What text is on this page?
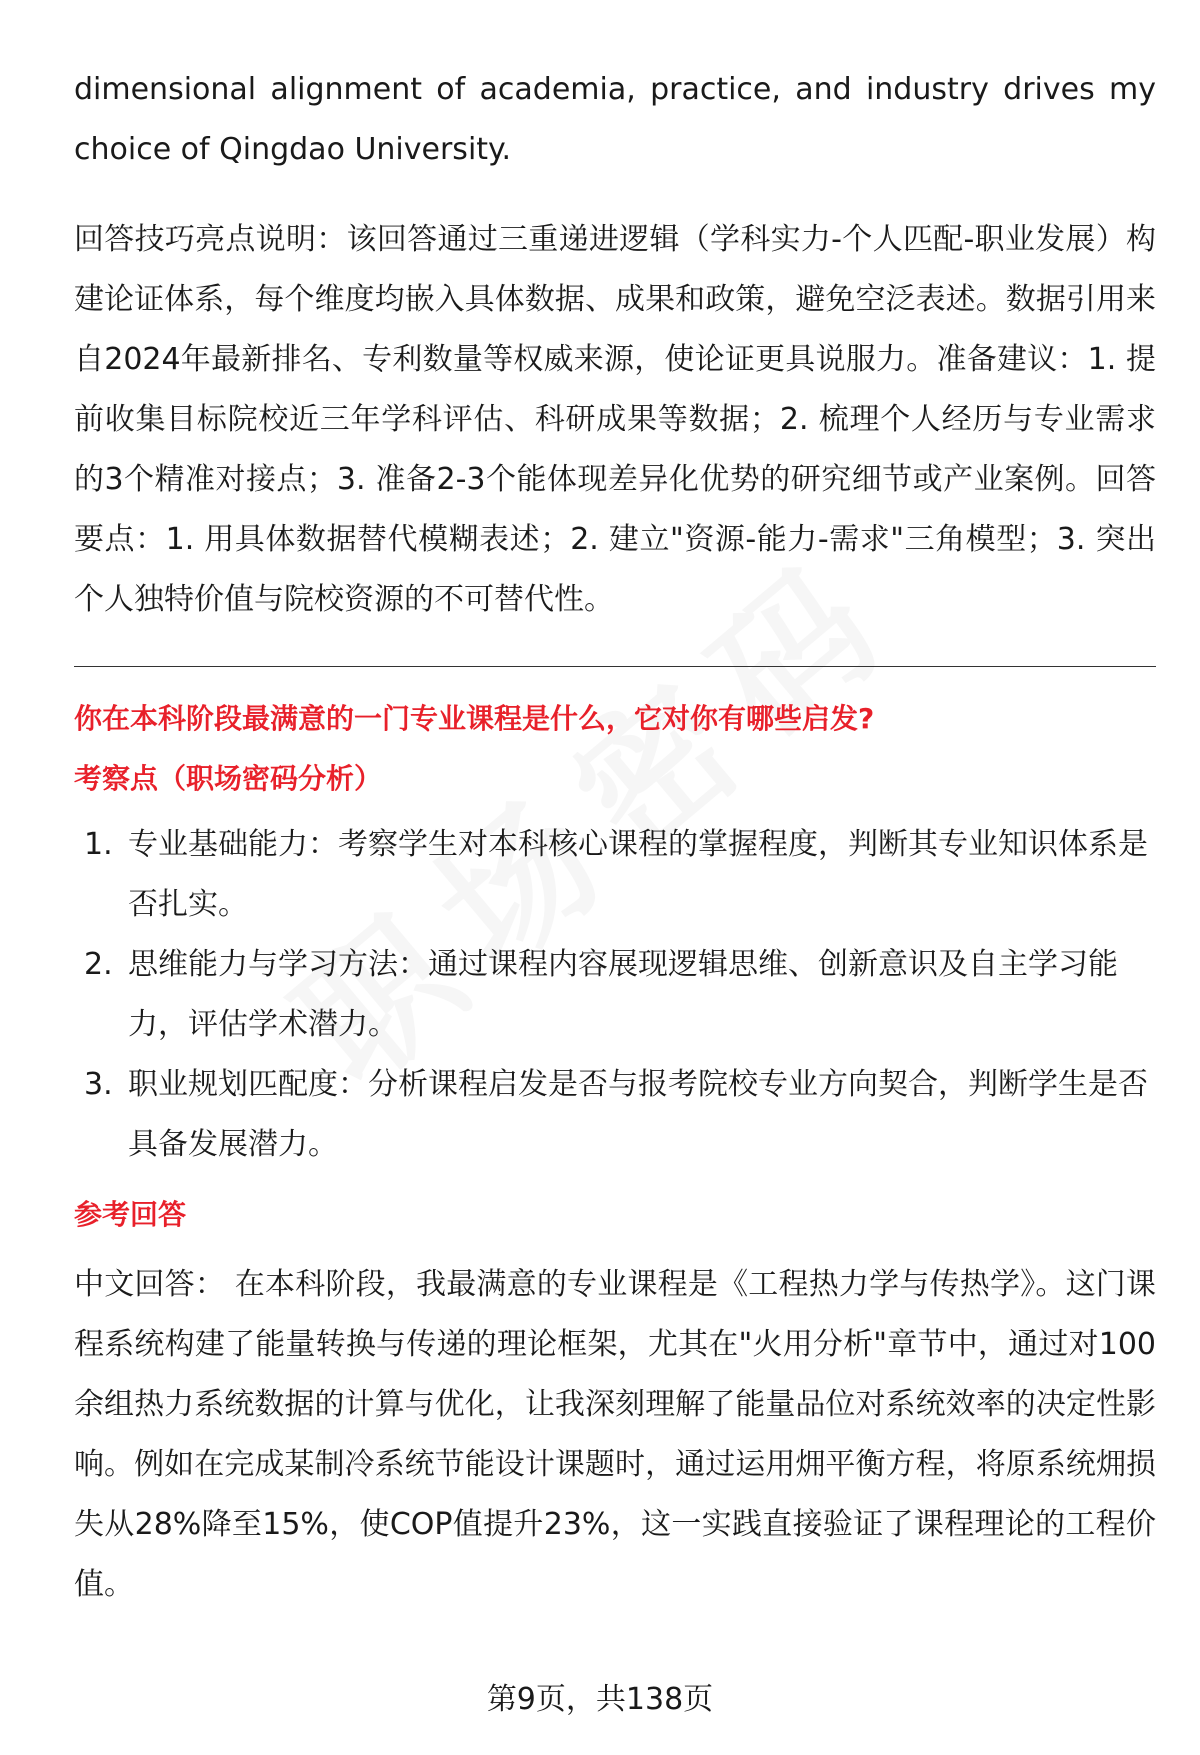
dimensional alignment of academia, practice, and industry drives my choice of Qingdao University.

回答技巧亮点说明：该回答通过三重递进逻辑（学科实力-个人匹配-职业发展）构建论证体系，每个维度均嵌入具体数据、成果和政策，避免空泛表述。数据引用来自2024年最新排名、专利数量等权威来源，使论证更具说服力。准备建议：1. 提前收集目标院校近三年学科评估、科研成果等数据；2. 梳理个人经历与专业需求的3个精准对接点；3. 准备2-3个能体现差异化优势的研究细节或产业案例。回答要点：1. 用具体数据替代模糊表述；2. 建立"资源-能力-需求"三角模型；3. 突出个人独特价值与院校资源的不可替代性。

你在本科阶段最满意的一门专业课程是什么，它对你有哪些启发?
考察点（职场密码分析）
1. 专业基础能力：考察学生对本科核心课程的掌握程度，判断其专业知识体系是否扎实。
2. 思维能力与学习方法：通过课程内容展现逻辑思维、创新意识及自主学习能力，评估学术潜力。
3. 职业规划匹配度：分析课程启发是否与报考院校专业方向契合，判断学生是否具备发展潜力。
参考回答

中文回答： 在本科阶段，我最满意的专业课程是《工程热力学与传热学》。这门课程系统构建了能量转换与传递的理论框架，尤其在"火用分析"章节中，通过对100余组热力系统数据的计算与优化，让我深刻理解了能量品位对系统效率的决定性影响。例如在完成某制冷系统节能设计课题时，通过运用㶲平衡方程，将原系统㶲损失从28%降至15%，使COP值提升23%，这一实践直接验证了课程理论的工程价值。

第9页，共138页
